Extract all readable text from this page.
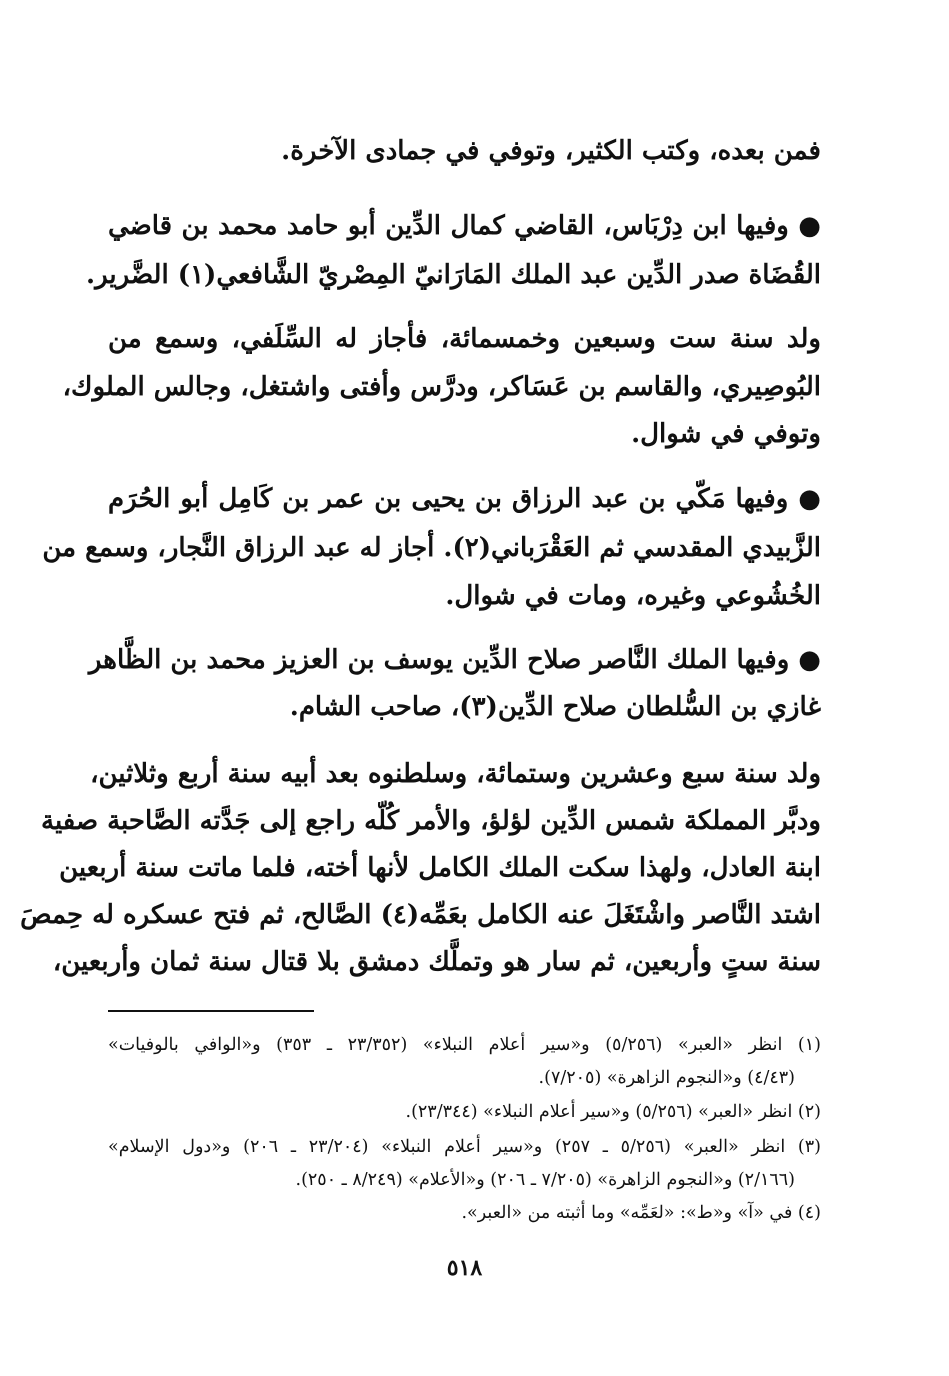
فمن بعده، وكتب الكثير، وتوفي في جمادى الآخرة.
● وفيها ابن دِرْبَاس، القاضي كمال الدِّين أبو حامد محمد بن قاضي
القُضَاة صدر الدِّين عبد الملك المَارَانيّ المِصْريّ الشَّافعي(١) الضَّرير.
ولد سنة ست وسبعين وخمسمائة، فأجاز له السِّلَفي، وسمع من
البُوصِيري، والقاسم بن عَسَاكر، ودرَّس وأفتى واشتغل، وجالس الملوك،
وتوفي في شوال.
● وفيها مَكّي بن عبد الرزاق بن يحيى بن عمر بن كَامِل أبو الحُرَم
الزَّبيدي المقدسي ثم العَقْرَباني(٢). أجاز له عبد الرزاق النَّجار، وسمع من
الخُشُوعي وغيره، ومات في شوال.
● وفيها الملك النَّاصر صلاح الدِّين يوسف بن العزيز محمد بن الظَّاهر
غازي بن السُّلطان صلاح الدِّين(٣)، صاحب الشام.
ولد سنة سبع وعشرين وستمائة، وسلطنوه بعد أبيه سنة أربع وثلاثين،
ودبَّر المملكة شمس الدِّين لؤلؤ، والأمر كُلّه راجع إلى جَدَّته الصَّاحبة صفية
ابنة العادل، ولهذا سكت الملك الكامل لأنها أخته، فلما ماتت سنة أربعين
اشتد النَّاصر واشْتَغَلَ عنه الكامل بعَمِّه(٤) الصَّالح، ثم فتح عسكره له حِمصَ
سنة ستٍ وأربعين، ثم سار هو وتملَّك دمشق بلا قتال سنة ثمان وأربعين،
(١) انظر «العبر» (٥/٢٥٦) و«سير أعلام النبلاء» (٢٣/٣٥٢ ـ ٣٥٣) و«الوافي بالوفيات»
(٤/٤٣) و«النجوم الزاهرة» (٧/٢٠٥).
(٢) انظر «العبر» (٥/٢٥٦) و«سير أعلام النبلاء» (٢٣/٣٤٤).
(٣) انظر «العبر» (٥/٢٥٦ ـ ٢٥٧) و«سير أعلام النبلاء» (٢٣/٢٠٤ ـ ٢٠٦) و«دول الإسلام»
(٢/١٦٦) و«النجوم الزاهرة» (٧/٢٠٥ ـ ٢٠٦) و«الأعلام» (٨/٢٤٩ ـ ٢٥٠).
(٤) في «آ» و«ط»: «لعَمِّه» وما أثبته من «العبر».
٥١٨
